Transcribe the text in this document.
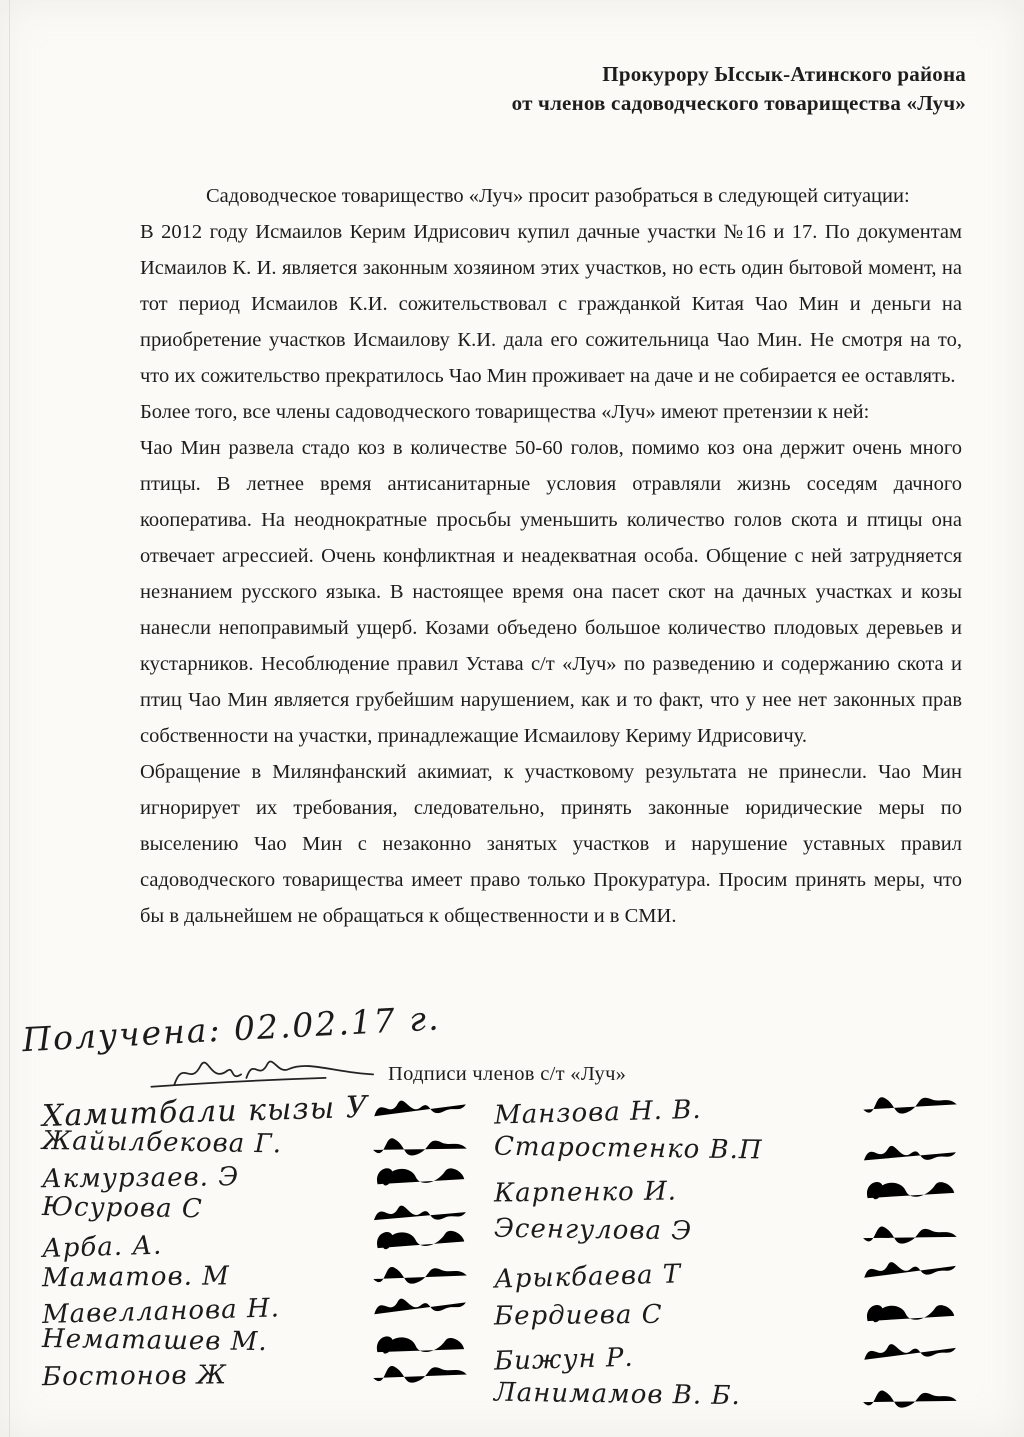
Прокурору Ыссык-Атинского района
от членов садоводческого товарищества «Луч»

Садоводческое товарищество «Луч» просит разобраться в следующей ситуации:

В 2012 году Исмаилов Керим Идрисович купил дачные участки №16 и 17. По документам Исмаилов К. И. является законным хозяином этих участков, но есть один бытовой момент, на тот период Исмаилов К.И. сожительствовал с гражданкой Китая Чао Мин и деньги на приобретение участков Исмаилову К.И. дала его сожительница Чао Мин. Не смотря на то, что их сожительство прекратилось Чао Мин проживает на даче и не собирается ее оставлять.

Более того, все члены садоводческого товарищества «Луч» имеют претензии к ней:

Чао Мин развела стадо коз в количестве 50-60 голов, помимо коз она держит очень много птицы. В летнее время антисанитарные условия отравляли жизнь соседям дачного кооператива. На неоднократные просьбы уменьшить количество голов скота и птицы она отвечает агрессией. Очень конфликтная и неадекватная особа. Общение с ней затрудняется незнанием русского языка. В настоящее время она пасет скот на дачных участках и козы нанесли непоправимый ущерб. Козами объедено большое количество плодовых деревьев и кустарников. Несоблюдение правил Устава с/т «Луч» по разведению и содержанию скота и птиц Чао Мин является грубейшим нарушением, как и то факт, что у нее нет законных прав собственности на участки, принадлежащие Исмаилову Кериму Идрисовичу.

Обращение в Милянфанский акимиат, к участковому результата не принесли. Чао Мин игнорирует их требования, следовательно, принять законные юридические меры по выселению Чао Мин с незаконно занятых участков и нарушение уставных правил садоводческого товарищества имеет право только Прокуратура. Просим принять меры, что бы в дальнейшем не обращаться к общественности и в СМИ.

Получена: 02.02.17 г.
Подписи членов с/т «Луч»
Хамитбали кызы У
Жайылбекова Г.
Акмурзаев. Э
Юсурова С
Арба. А.
Маматов. М
Мавелланова Н.
Нематашев М.
Бостонов Ж
Манзова Н. В.
Старостенко В.П
Карпенко И.
Эсенгулова Э
Арыкбаева Т
Бердиева С
Бижун Р.
Ланимамов В. Б.
